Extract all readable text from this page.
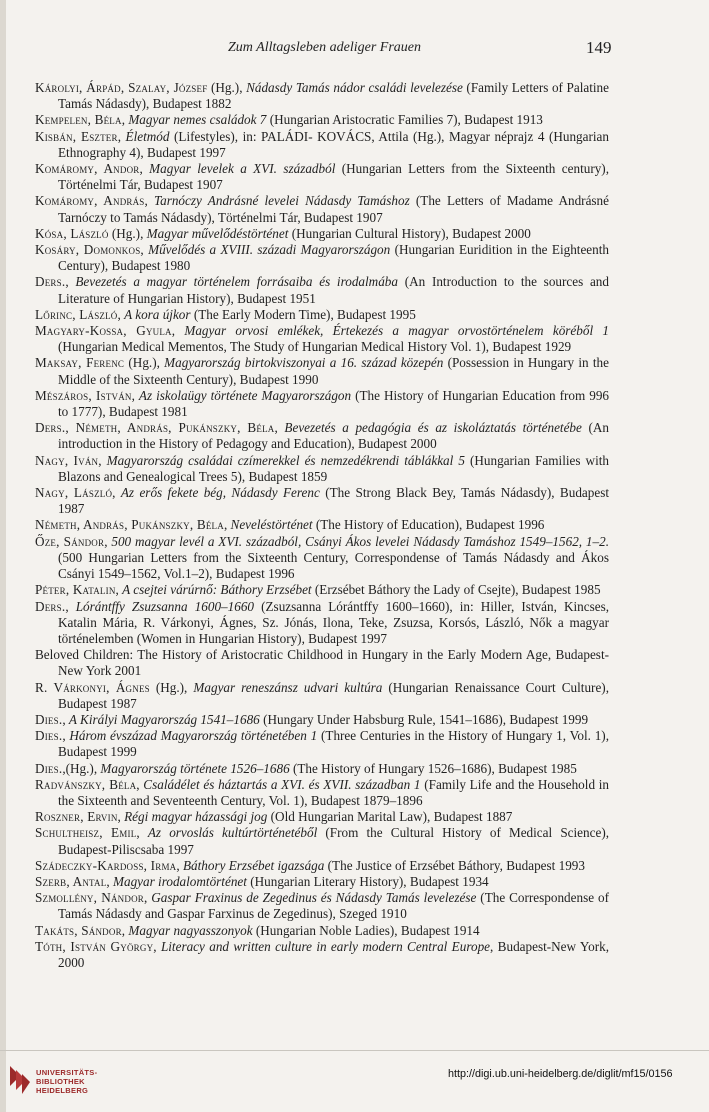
Zum Alltagsleben adeliger Frauen	149

Károlyi, Árpád, Szalay, József (Hg.), Nádasdy Tamás nádor családi levelezése (Family Letters of Palatine Tamás Nádasdy), Budapest 1882

Kempelen, Béla, Magyar nemes családok 7 (Hungarian Aristocratic Families 7), Budapest 1913

Kisbán, Eszter, Életmód (Lifestyles), in: PALÁDI- KOVÁCS, Attila (Hg.), Magyar néprajz 4 (Hungarian Ethnography 4), Budapest 1997

Komáromy, Andor, Magyar levelek a XVI. századból (Hungarian Letters from the Sixteenth century), Történelmi Tár, Budapest 1907

Komáromy, András, Tarnóczy Andrásné levelei Nádasdy Tamáshoz (The Letters of Madame Andrásné Tarnóczy to Tamás Nádasdy), Történelmi Tár, Budapest 1907

Kósa, László (Hg.), Magyar művelődéstörténet (Hungarian Cultural History), Budapest 2000

Kosáry, Domonkos, Művelődés a XVIII. századi Magyarországon (Hungarian Euridition in the Eighteenth Century), Budapest 1980

Ders., Bevezetés a magyar történelem forrásaiba és irodalmába (An Introduction to the sources and Literature of Hungarian History), Budapest 1951

Lőrinc, László, A kora újkor (The Early Modern Time), Budapest 1995

Magyary-Kossa, Gyula, Magyar orvosi emlékek, Értekezés a magyar orvostörténelem köréből 1 (Hungarian Medical Mementos, The Study of Hungarian Medical History Vol. 1), Budapest 1929

Maksay, Ferenc (Hg.), Magyarország birtokviszonyai a 16. század közepén (Possession in Hungary in the Middle of the Sixteenth Century), Budapest 1990

Mészáros, István, Az iskolaügy története Magyarországon (The History of Hungarian Education from 996 to 1777), Budapest 1981

Ders., Németh, András, Pukánszky, Béla, Bevezetés a pedagógia és az iskoláztatás történetébe (An introduction in the History of Pedagogy and Education), Budapest 2000

Nagy, Iván, Magyarország családai czímerekkel és nemzedékrendi táblákkal 5 (Hungarian Families with Blazons and Genealogical Trees 5), Budapest 1859

Nagy, László, Az erős fekete bég, Nádasdy Ferenc (The Strong Black Bey, Tamás Nádasdy), Budapest 1987

Németh, András, Pukánszky, Béla, Neveléstörténet (The History of Education), Budapest 1996

Őze, Sándor, 500 magyar levél a XVI. századból, Csányi Ákos levelei Nádasdy Tamáshoz 1549–1562, 1–2. (500 Hungarian Letters from the Sixteenth Century, Correspondense of Tamás Nádasdy and Ákos Csányi 1549–1562, Vol.1–2), Budapest 1996

Péter, Katalin, A csejtei várúrnő: Báthory Erzsébet (Erzsébet Báthory the Lady of Csejte), Budapest 1985

Ders., Lórántffy Zsuzsanna 1600–1660 (Zsuzsanna Lórántffy 1600–1660), in: Hiller, István, Kincses, Katalin Mária, R. Várkonyi, Ágnes, Sz. Jónás, Ilona, Teke, Zsuzsa, Korsós, László, Nők a magyar történelemben (Women in Hungarian History), Budapest 1997

Beloved Children: The History of Aristocratic Childhood in Hungary in the Early Modern Age, Budapest-New York 2001

R. Várkonyi, Ágnes (Hg.), Magyar reneszánsz udvari kultúra (Hungarian Renaissance Court Culture), Budapest 1987

Dies., A Királyi Magyarország 1541–1686 (Hungary Under Habsburg Rule, 1541–1686), Budapest 1999

Dies., Három évszázad Magyarország történetében 1 (Three Centuries in the History of Hungary 1, Vol. 1), Budapest 1999

Dies.,(Hg.), Magyarország története 1526–1686 (The History of Hungary 1526–1686), Budapest 1985

Radvánszky, Béla, Családélet és háztartás a XVI. és XVII. században 1 (Family Life and the Household in the Sixteenth and Seventeenth Century, Vol. 1), Budapest 1879–1896

Roszner, Ervin, Régi magyar házassági jog (Old Hungarian Marital Law), Budapest 1887

Schultheisz, Emil, Az orvoslás kultúrtörténetéből (From the Cultural History of Medical Science), Budapest-Piliscsaba 1997

Szádeczky-Kardoss, Irma, Báthory Erzsébet igazsága (The Justice of Erzsébet Báthory, Budapest 1993

Szerb, Antal, Magyar irodalomtörténet (Hungarian Literary History), Budapest 1934

Szmollény, Nándor, Gaspar Fraxinus de Zegedinus és Nádasdy Tamás levelezése (The Correspondense of Tamás Nádasdy and Gaspar Farxinus de Zegedinus), Szeged 1910

Takáts, Sándor, Magyar nagyasszonyok (Hungarian Noble Ladies), Budapest 1914

Tóth, István György, Literacy and written culture in early modern Central Europe, Budapest-New York, 2000

UNIVERSITÄTS-
BIBLIOTHEK
HEIDELBERG
http://digi.ub.uni-heidelberg.de/diglit/mf15/0156
